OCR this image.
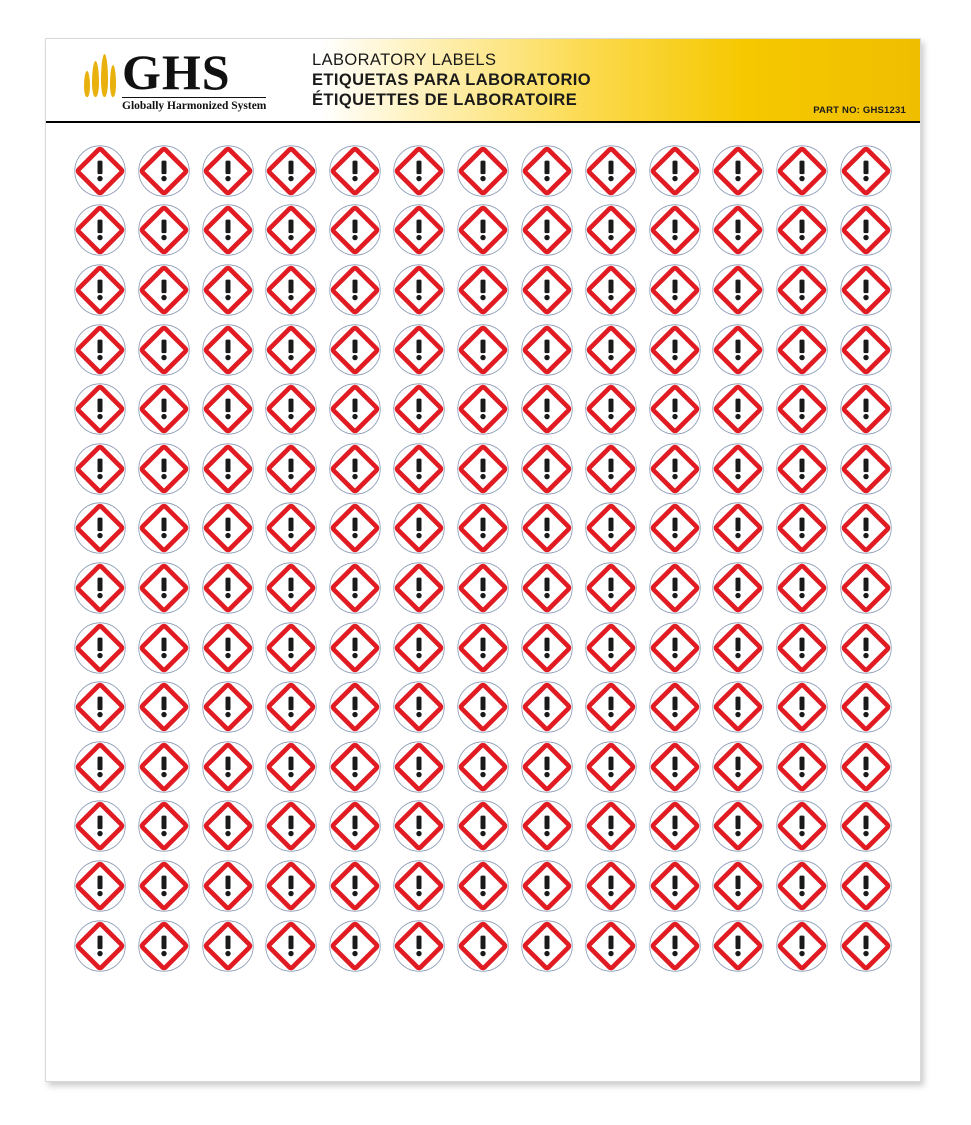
GHS
Globally Harmonized System
LABORATORY LABELS
ETIQUETAS PARA LABORATORIO
ÉTIQUETTES DE LABORATOIRE
PART NO: GHS1231
